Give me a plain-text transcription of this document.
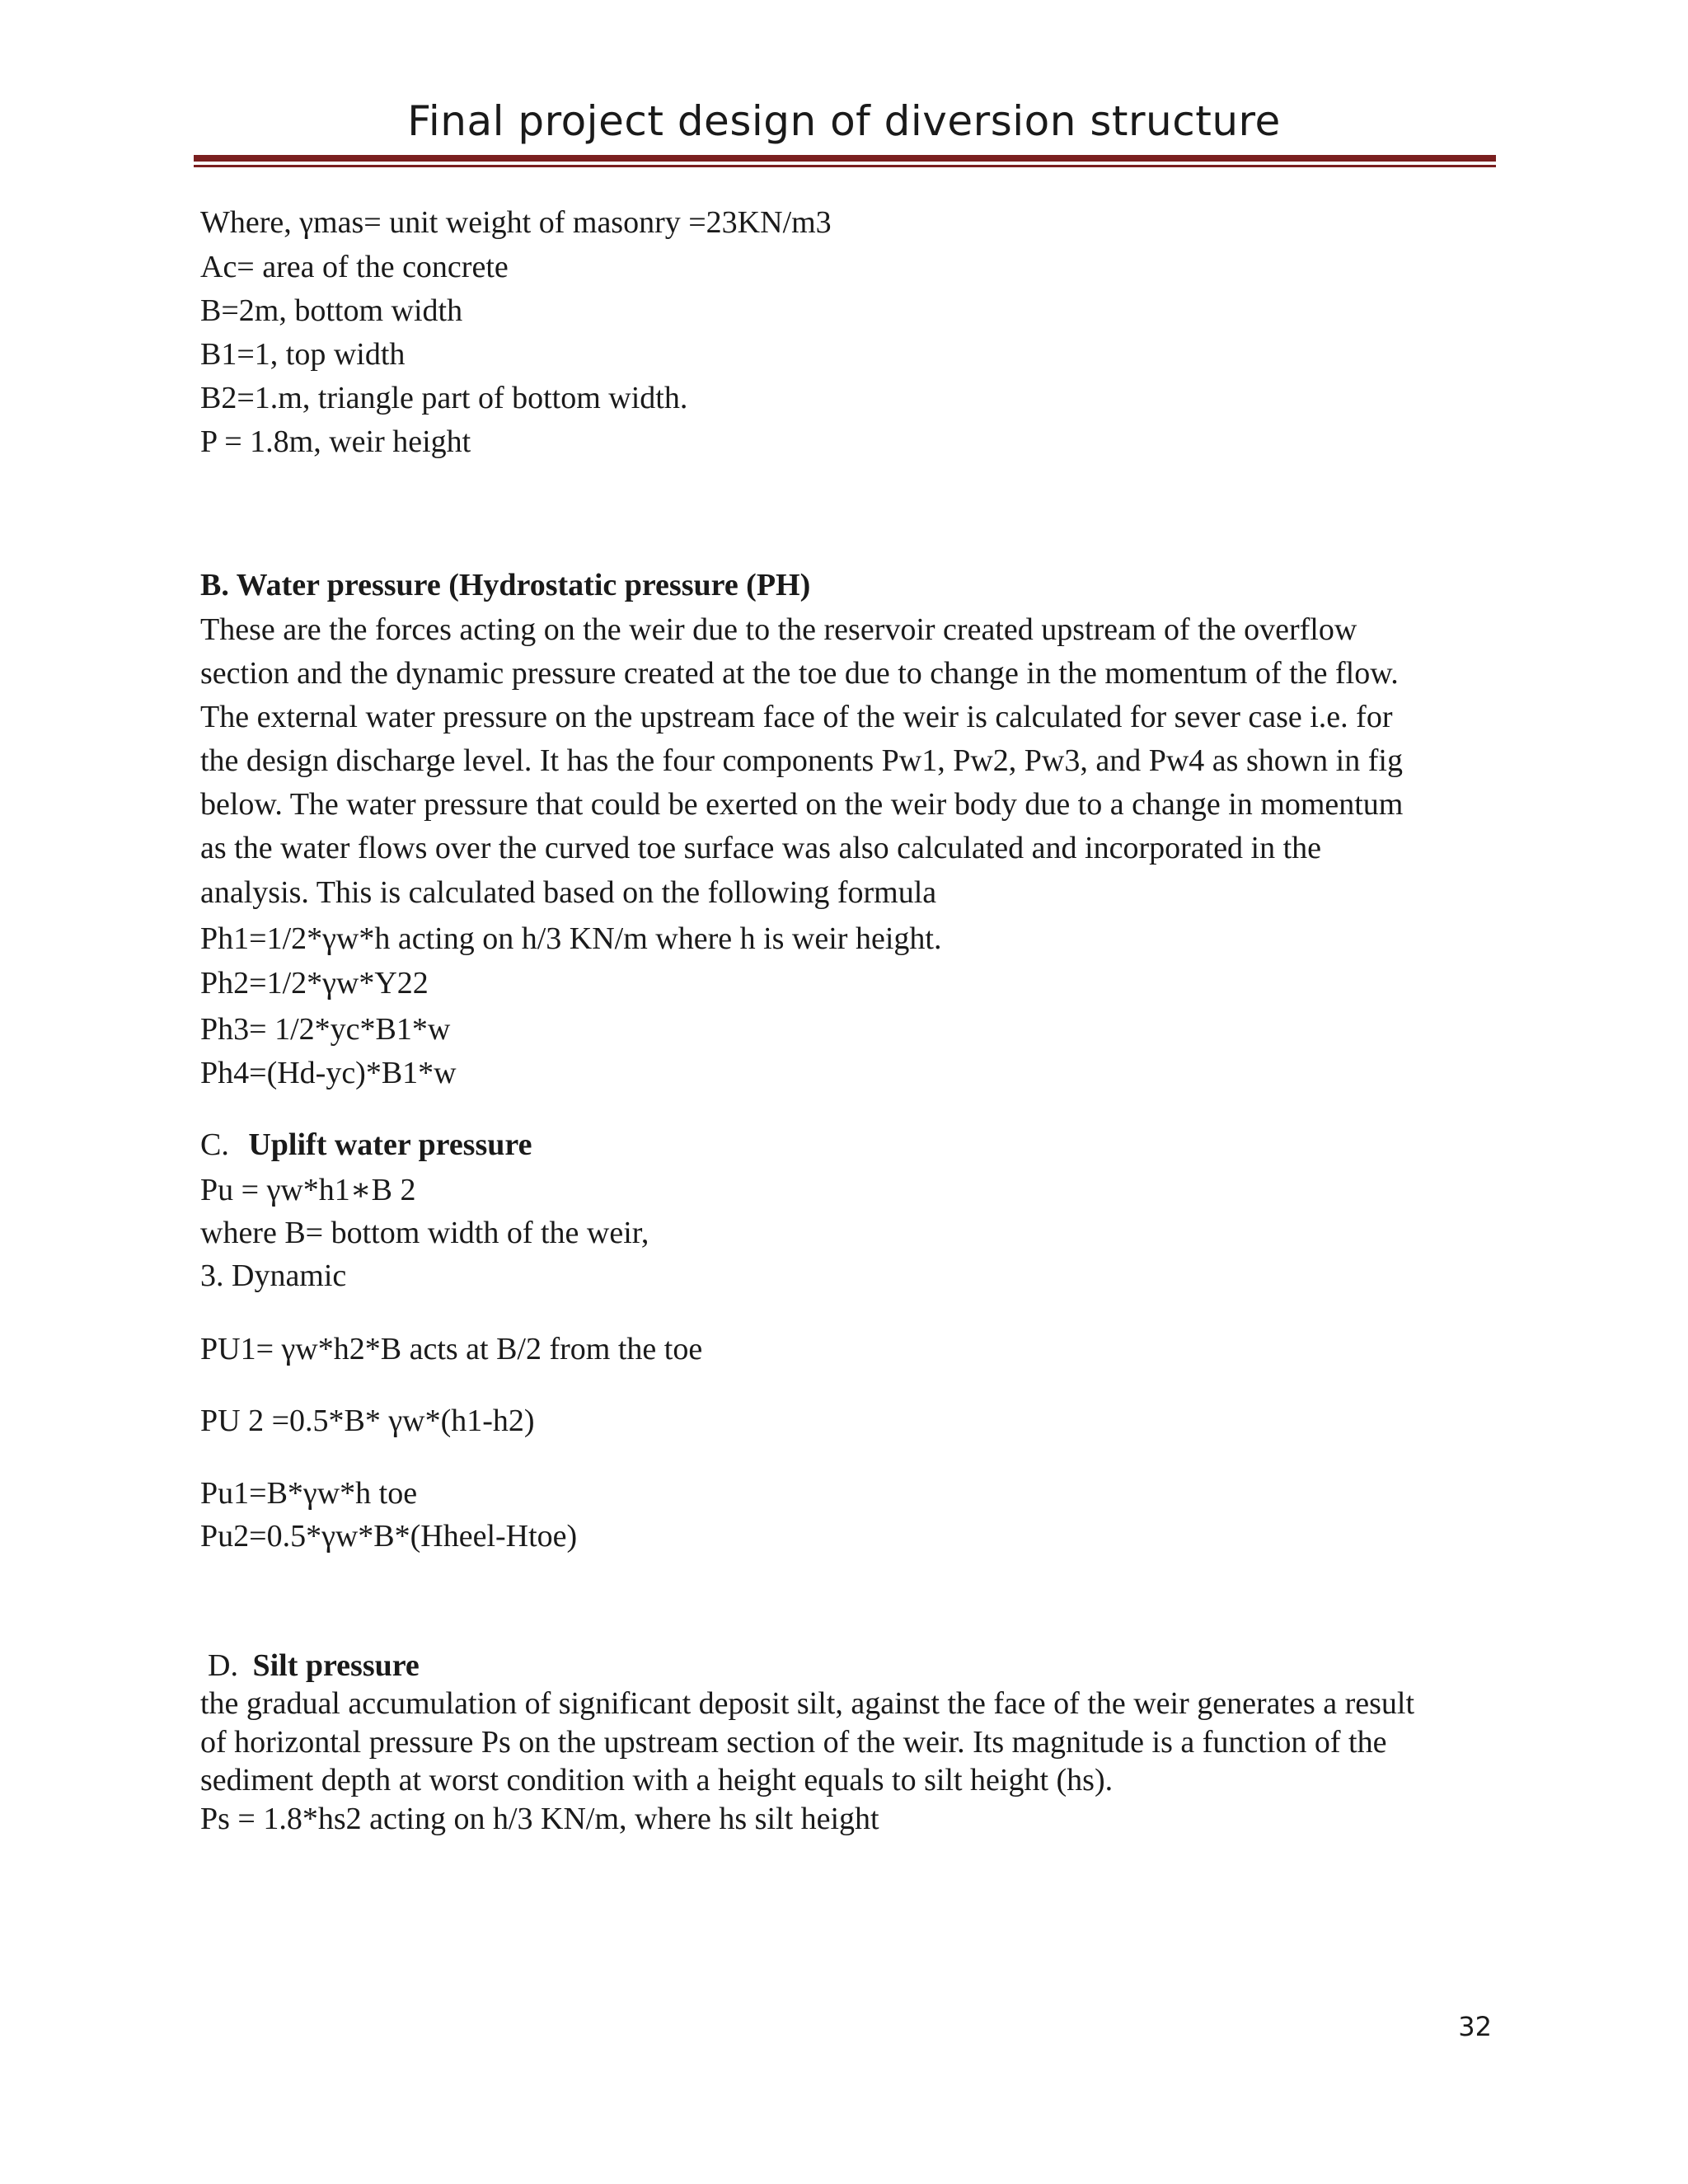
Final project design of diversion structure
Where, γmas= unit weight of masonry =23KN/m3
Ac= area of the concrete
B=2m, bottom width
B1=1, top width
B2=1.m, triangle part of bottom width.
P = 1.8m, weir height
B. Water pressure (Hydrostatic pressure (PH)
These are the forces acting on the weir due to the reservoir created upstream of the overflow
section and the dynamic pressure created at the toe due to change in the momentum of the flow.
The external water pressure on the upstream face of the weir is calculated for sever case i.e. for
the design discharge level. It has the four components Pw1, Pw2, Pw3, and Pw4 as shown in fig
below. The water pressure that could be exerted on the weir body due to a change in momentum
as the water flows over the curved toe surface was also calculated and incorporated in the
analysis. This is calculated based on the following formula
Ph1=1/2*γw*h acting on h/3 KN/m where h is weir height.
Ph2=1/2*γw*Y22
Ph3= 1/2*yc*B1*w
Ph4=(Hd-yc)*B1*w
C. Uplift water pressure
Pu = γw*h1∗B 2
where B= bottom width of the weir,
3. Dynamic
PU1= γw*h2*B acts at B/2 from the toe
PU 2 =0.5*B* γw*(h1-h2)
Pu1=B*γw*h toe
Pu2=0.5*γw*B*(Hheel-Htoe)
D. Silt pressure
the gradual accumulation of significant deposit silt, against the face of the weir generates a result
of horizontal pressure Ps on the upstream section of the weir. Its magnitude is a function of the
sediment depth at worst condition with a height equals to silt height (hs).
Ps = 1.8*hs2 acting on h/3 KN/m, where hs silt height
32
